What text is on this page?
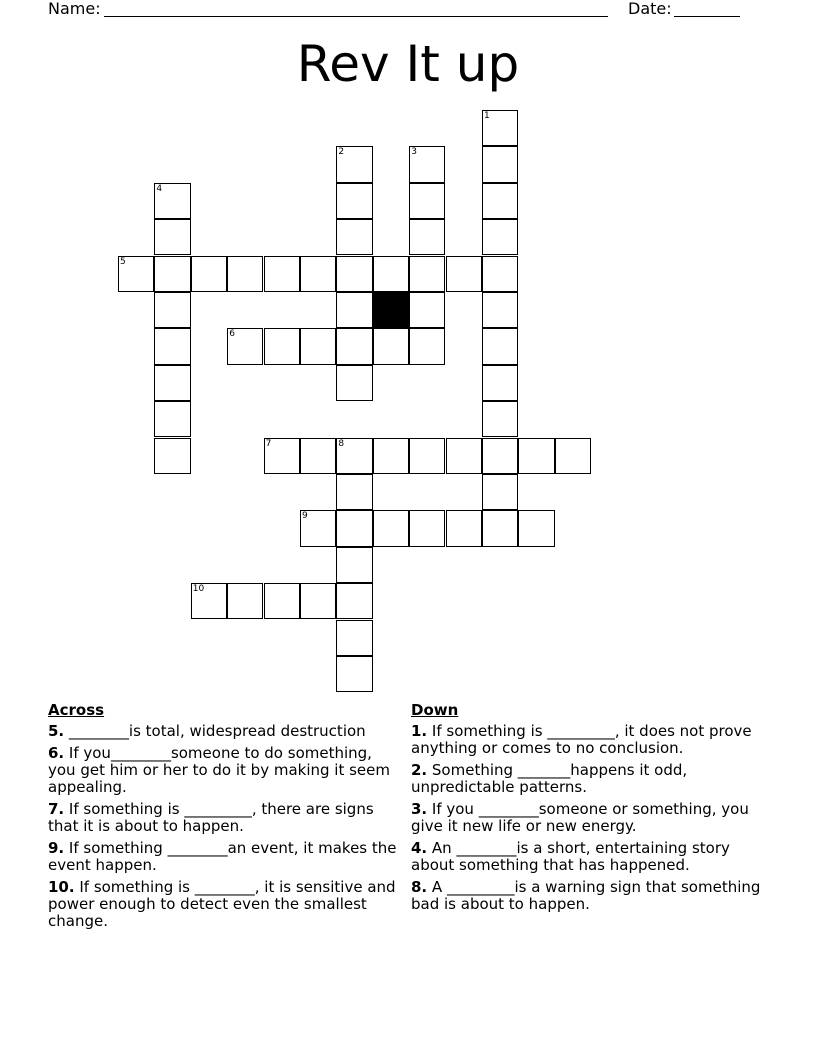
Name:	Date:
Rev It up
1
2	3
4
5
6
7	8
9
10
Across
5. ________is total, widespread destruction
6. If you________someone to do something, you get him or her to do it by making it seem appealing.
7. If something is _________, there are signs that it is about to happen.
9. If something ________an event, it makes the event happen.
10. If something is ________, it is sensitive and power enough to detect even the smallest change.
Down
1. If something is _________, it does not prove anything or comes to no conclusion.
2. Something _______happens it odd, unpredictable patterns.
3. If you ________someone or something, you give it new life or new energy.
4. An ________is a short, entertaining story about something that has happened.
8. A _________is a warning sign that something bad is about to happen.
